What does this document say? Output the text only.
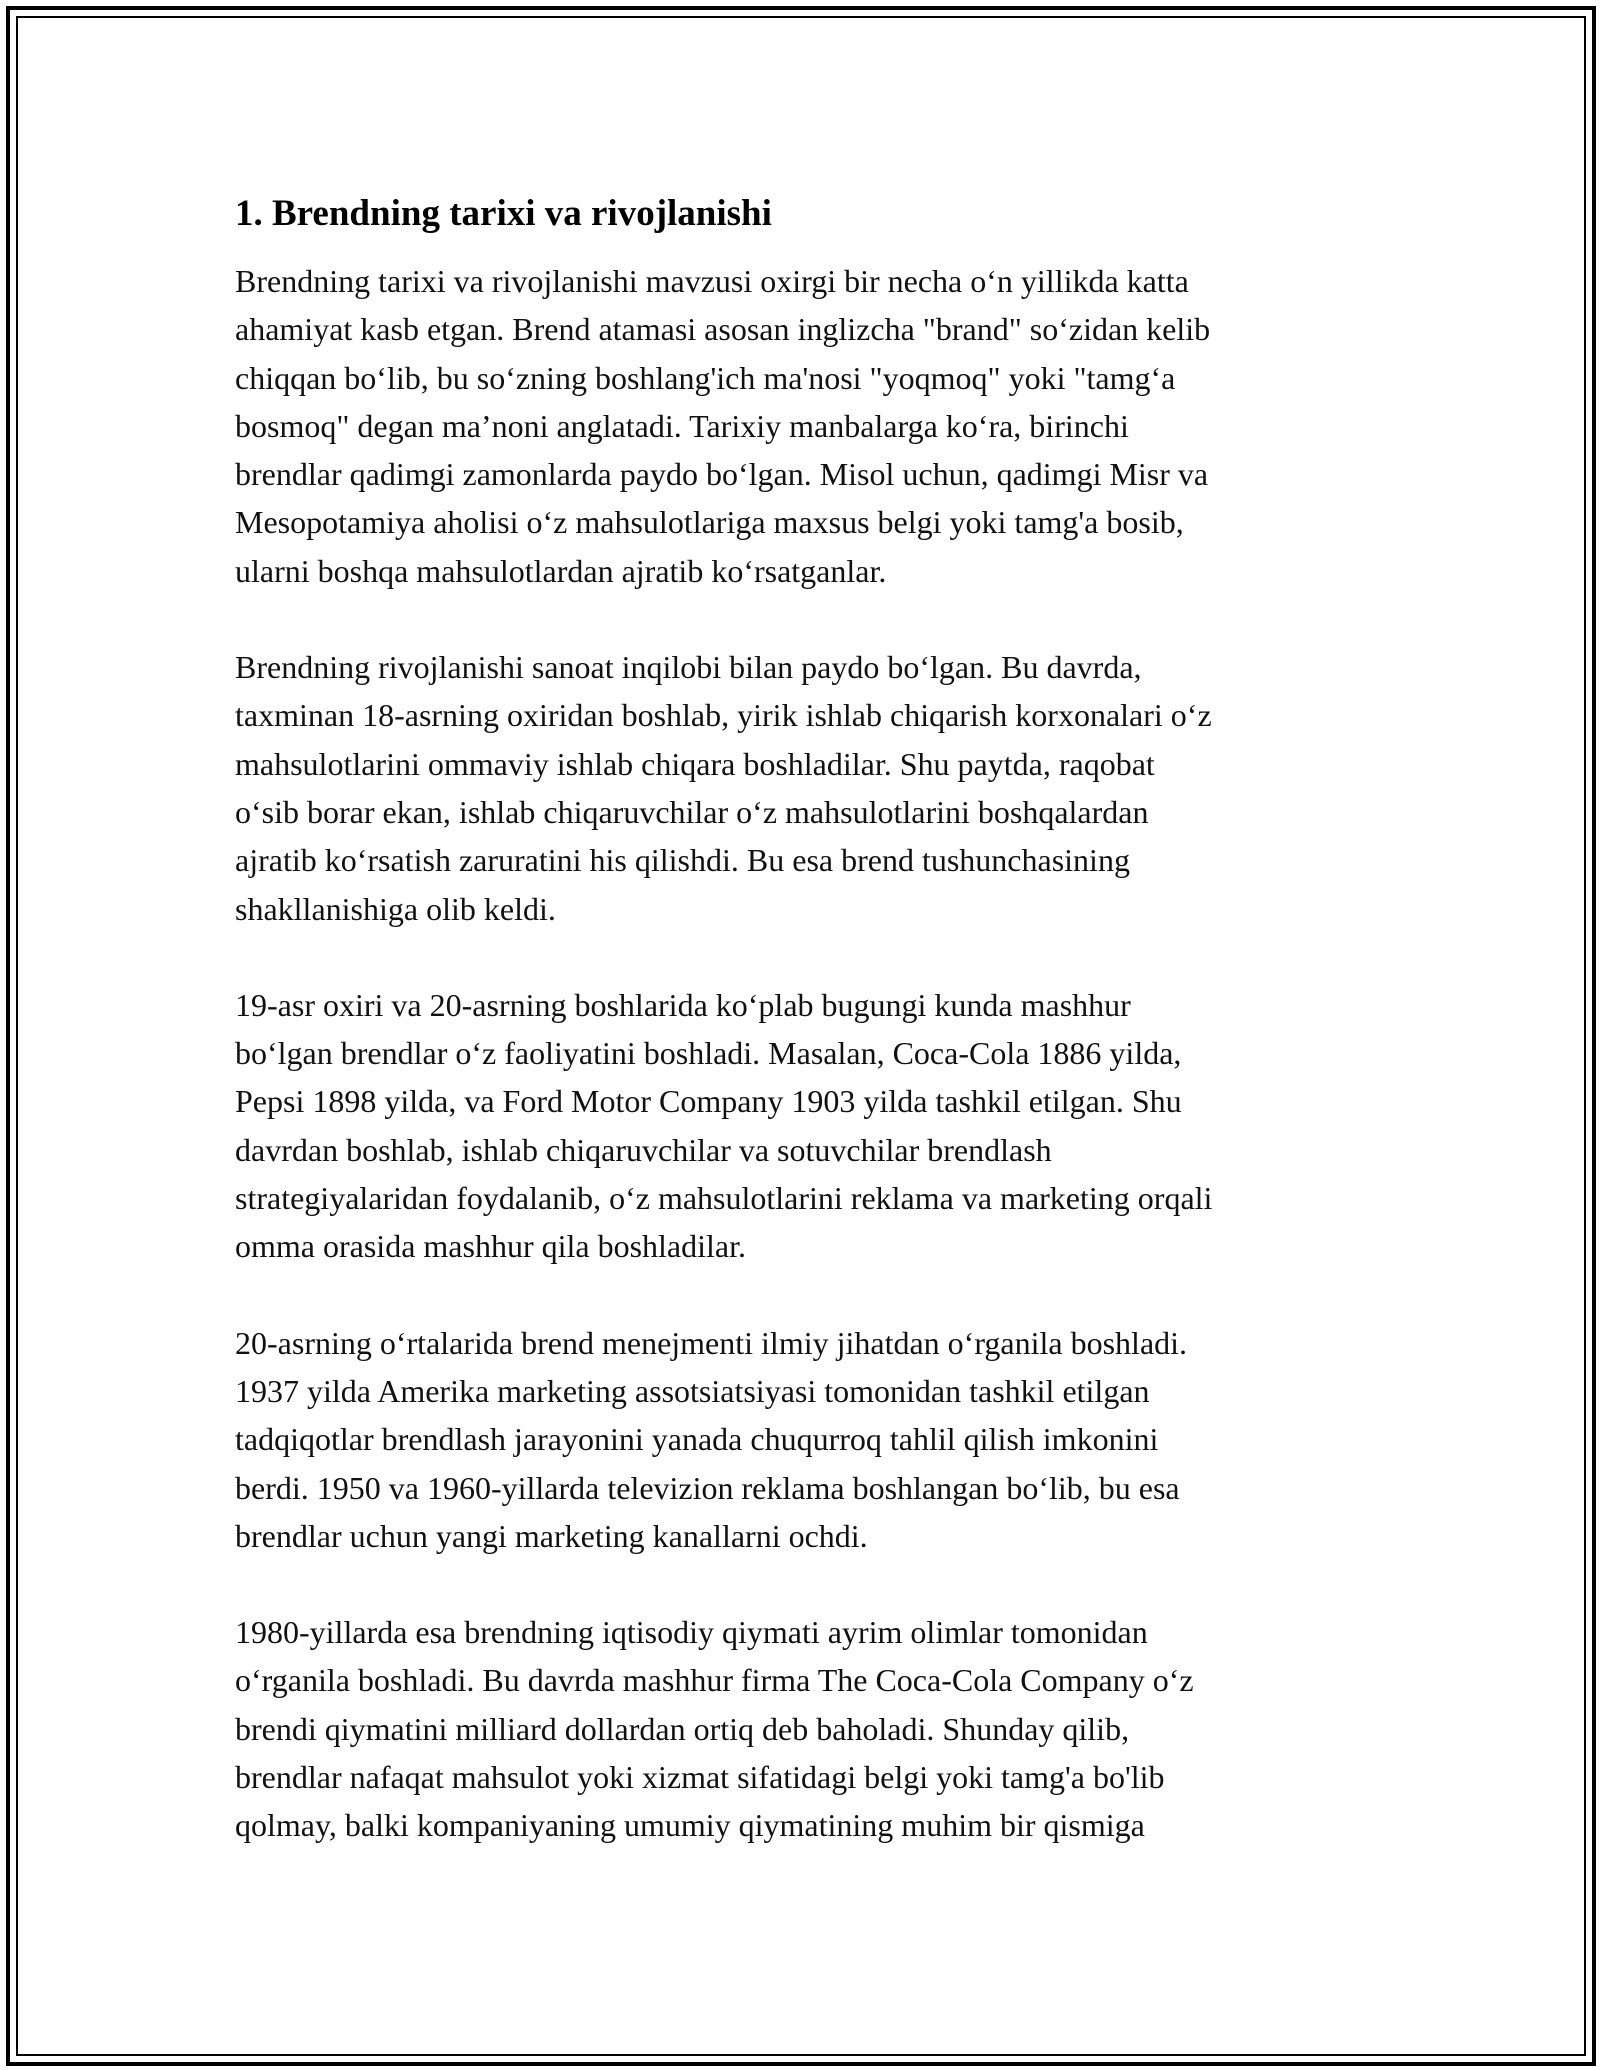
1. Brendning tarixi va rivojlanishi

Brendning tarixi va rivojlanishi mavzusi oxirgi bir necha o‘n yillikda katta
ahamiyat kasb etgan. Brend atamasi asosan inglizcha "brand" so‘zidan kelib
chiqqan bo‘lib, bu so‘zning boshlang'ich ma'nosi "yoqmoq" yoki "tamg‘a
bosmoq" degan ma’noni anglatadi. Tarixiy manbalarga ko‘ra, birinchi
brendlar qadimgi zamonlarda paydo bo‘lgan. Misol uchun, qadimgi Misr va
Mesopotamiya aholisi o‘z mahsulotlariga maxsus belgi yoki tamg'a bosib,
ularni boshqa mahsulotlardan ajratib ko‘rsatganlar.

Brendning rivojlanishi sanoat inqilobi bilan paydo bo‘lgan. Bu davrda,
taxminan 18-asrning oxiridan boshlab, yirik ishlab chiqarish korxonalari o‘z
mahsulotlarini ommaviy ishlab chiqara boshladilar. Shu paytda, raqobat
o‘sib borar ekan, ishlab chiqaruvchilar o‘z mahsulotlarini boshqalardan
ajratib ko‘rsatish zaruratini his qilishdi. Bu esa brend tushunchasining
shakllanishiga olib keldi.

19-asr oxiri va 20-asrning boshlarida ko‘plab bugungi kunda mashhur
bo‘lgan brendlar o‘z faoliyatini boshladi. Masalan, Coca-Cola 1886 yilda,
Pepsi 1898 yilda, va Ford Motor Company 1903 yilda tashkil etilgan. Shu
davrdan boshlab, ishlab chiqaruvchilar va sotuvchilar brendlash
strategiyalaridan foydalanib, o‘z mahsulotlarini reklama va marketing orqali
omma orasida mashhur qila boshladilar.

20-asrning o‘rtalarida brend menejmenti ilmiy jihatdan o‘rganila boshladi.
1937 yilda Amerika marketing assotsiatsiyasi tomonidan tashkil etilgan
tadqiqotlar brendlash jarayonini yanada chuqurroq tahlil qilish imkonini
berdi. 1950 va 1960-yillarda televizion reklama boshlangan bo‘lib, bu esa
brendlar uchun yangi marketing kanallarni ochdi.

1980-yillarda esa brendning iqtisodiy qiymati ayrim olimlar tomonidan
o‘rganila boshladi. Bu davrda mashhur firma The Coca-Cola Company o‘z
brendi qiymatini milliard dollardan ortiq deb baholadi. Shunday qilib,
brendlar nafaqat mahsulot yoki xizmat sifatidagi belgi yoki tamg'a bo'lib
qolmay, balki kompaniyaning umumiy qiymatining muhim bir qismiga
